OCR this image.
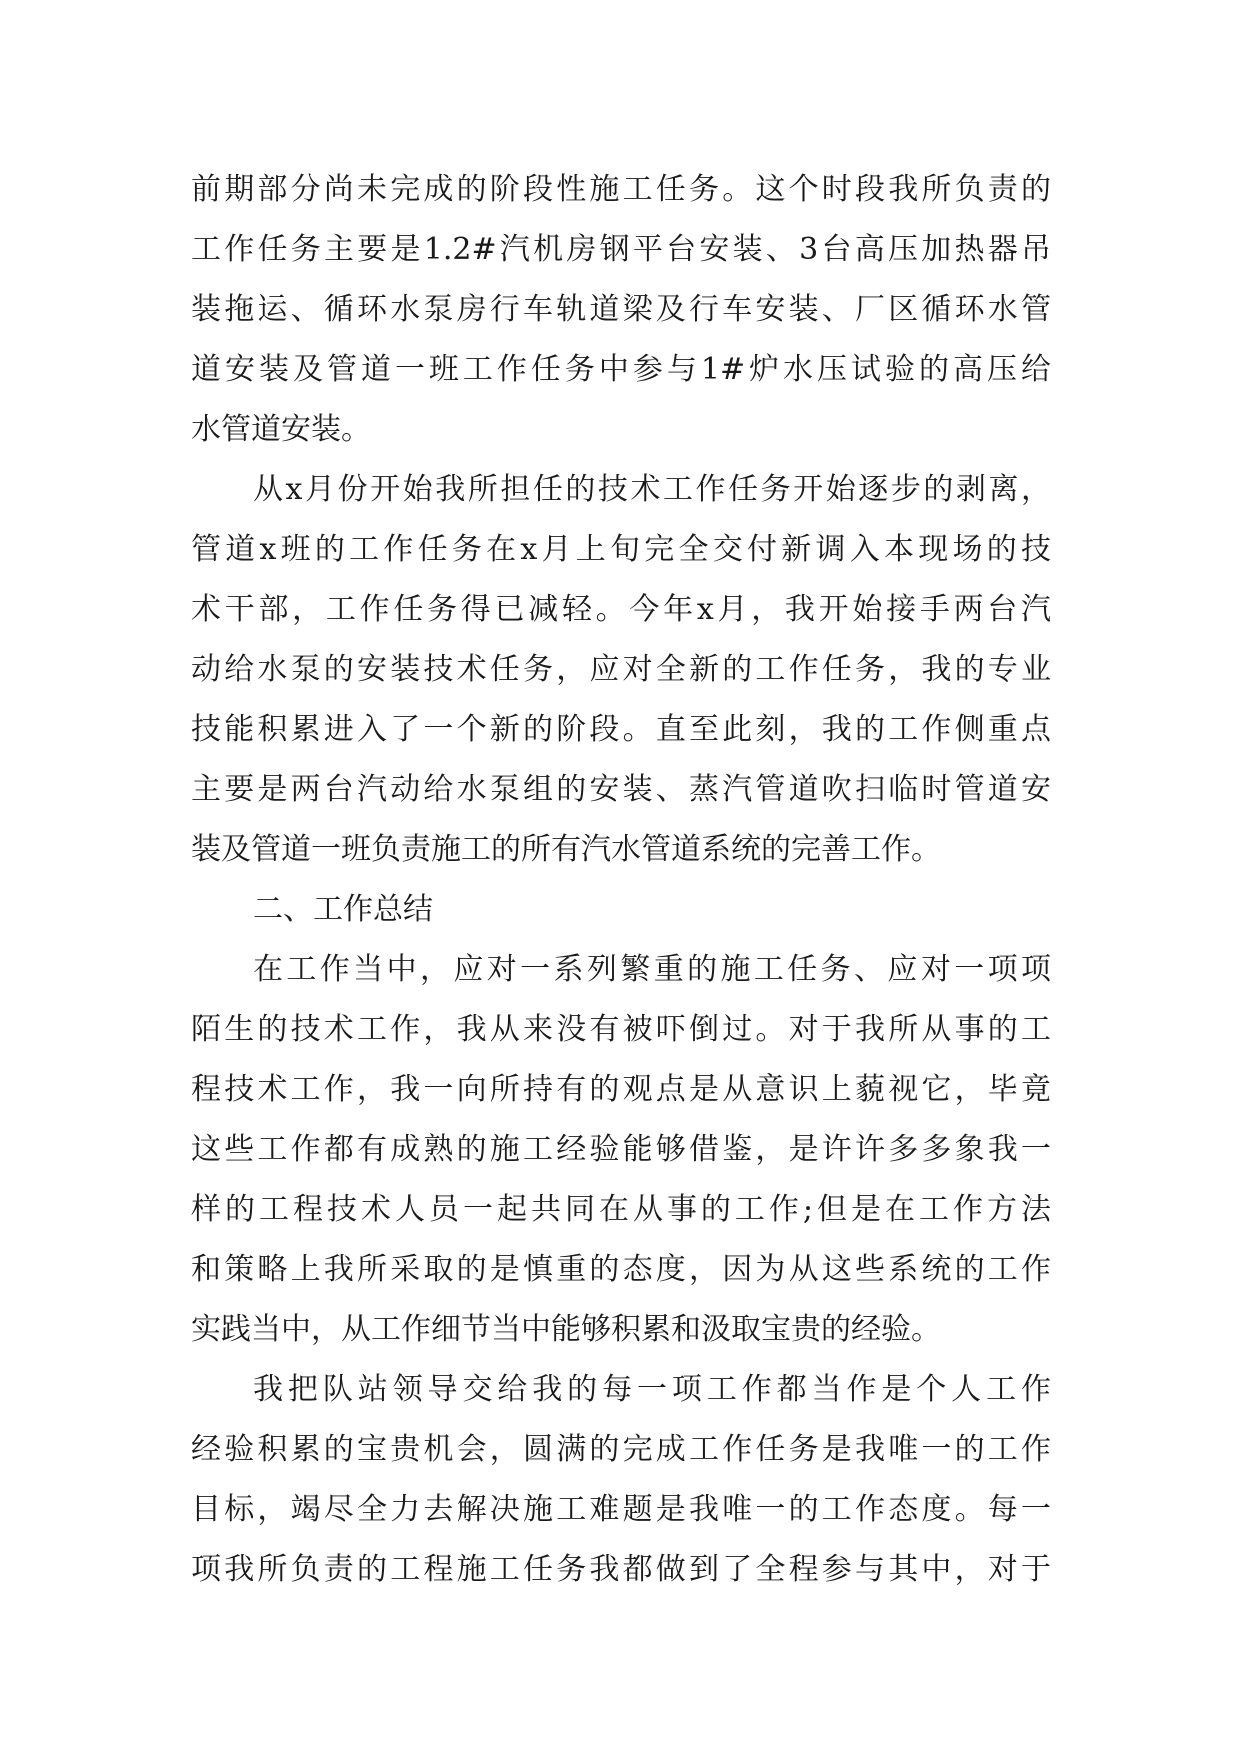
前期部分尚未完成的阶段性施工任务。这个时段我所负责的
工作任务主要是1.2#汽机房钢平台安装、3台高压加热器吊
装拖运、循环水泵房行车轨道梁及行车安装、厂区循环水管
道安装及管道一班工作任务中参与1#炉水压试验的高压给
水管道安装。
从x月份开始我所担任的技术工作任务开始逐步的剥离，
管道x班的工作任务在x月上旬完全交付新调入本现场的技
术干部，工作任务得已减轻。今年x月，我开始接手两台汽
动给水泵的安装技术任务，应对全新的工作任务，我的专业
技能积累进入了一个新的阶段。直至此刻，我的工作侧重点
主要是两台汽动给水泵组的安装、蒸汽管道吹扫临时管道安
装及管道一班负责施工的所有汽水管道系统的完善工作。
二、工作总结
在工作当中，应对一系列繁重的施工任务、应对一项项
陌生的技术工作，我从来没有被吓倒过。对于我所从事的工
程技术工作，我一向所持有的观点是从意识上藐视它，毕竟
这些工作都有成熟的施工经验能够借鉴，是许许多多象我一
样的工程技术人员一起共同在从事的工作;但是在工作方法
和策略上我所采取的是慎重的态度，因为从这些系统的工作
实践当中，从工作细节当中能够积累和汲取宝贵的经验。
我把队站领导交给我的每一项工作都当作是个人工作
经验积累的宝贵机会，圆满的完成工作任务是我唯一的工作
目标，竭尽全力去解决施工难题是我唯一的工作态度。每一
项我所负责的工程施工任务我都做到了全程参与其中，对于
